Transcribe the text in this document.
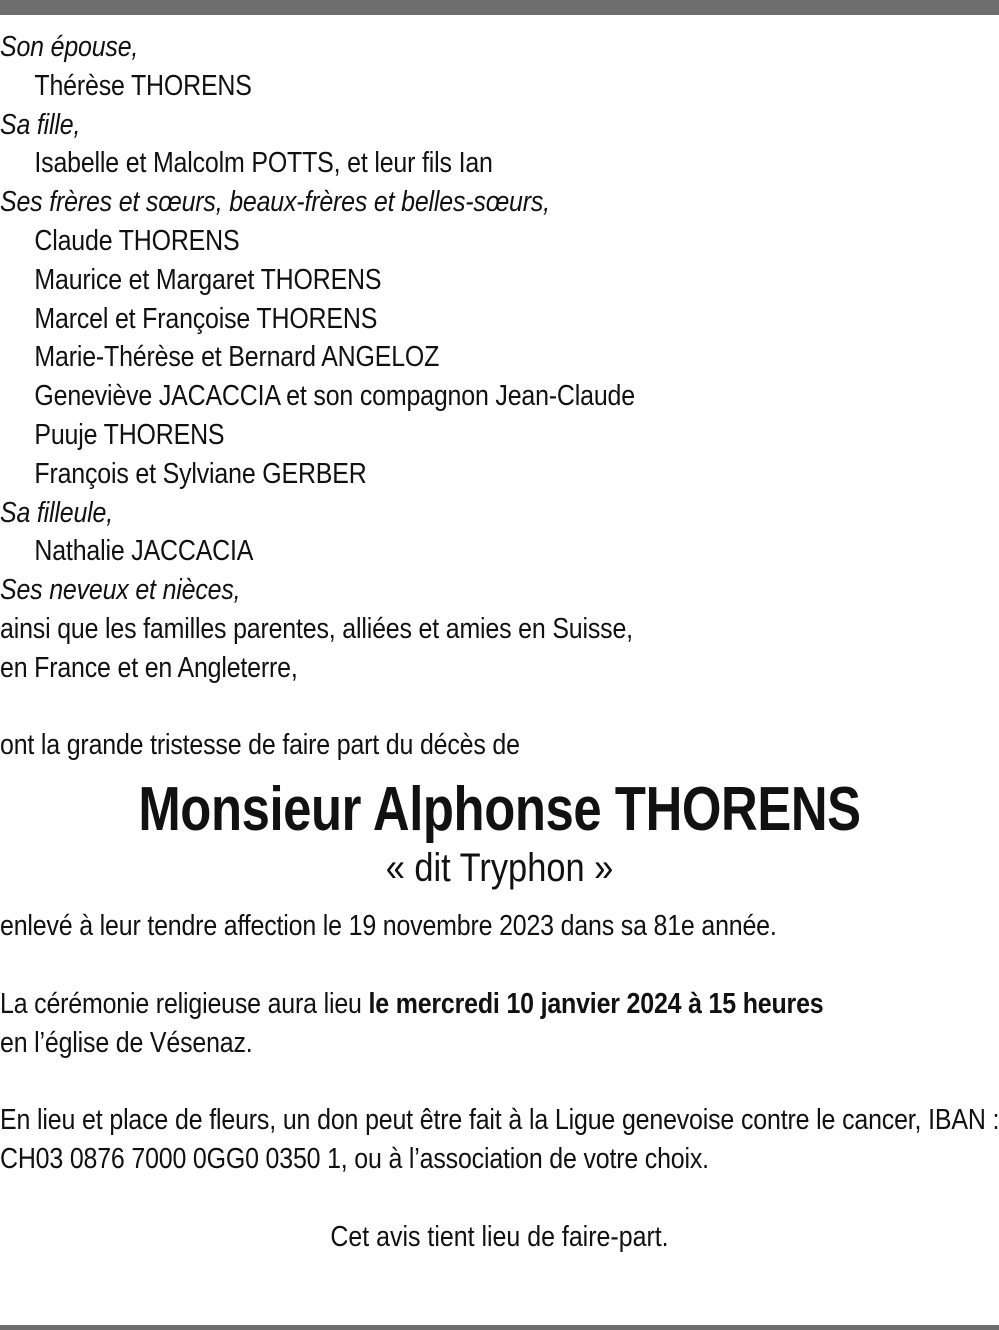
Son épouse,
Thérèse THORENS
Sa fille,
Isabelle et Malcolm POTTS, et leur fils Ian
Ses frères et sœurs, beaux-frères et belles-sœurs,
Claude THORENS
Maurice et Margaret THORENS
Marcel et Françoise THORENS
Marie-Thérèse et Bernard ANGELOZ
Geneviève JACACCIA et son compagnon Jean-Claude
Puuje THORENS
François et Sylviane GERBER
Sa filleule,
Nathalie JACCACIA
Ses neveux et nièces,
ainsi que les familles parentes, alliées et amies en Suisse,
en France et en Angleterre,
ont la grande tristesse de faire part du décès de
Monsieur Alphonse THORENS
« dit Tryphon »
enlevé à leur tendre affection le 19 novembre 2023 dans sa 81e année.
La cérémonie religieuse aura lieu le mercredi 10 janvier 2024 à 15 heures
en l’église de Vésenaz.
En lieu et place de fleurs, un don peut être fait à la Ligue genevoise contre le cancer, IBAN : CH03 0876 7000 0GG0 0350 1, ou à l’association de votre choix.
Cet avis tient lieu de faire-part.
